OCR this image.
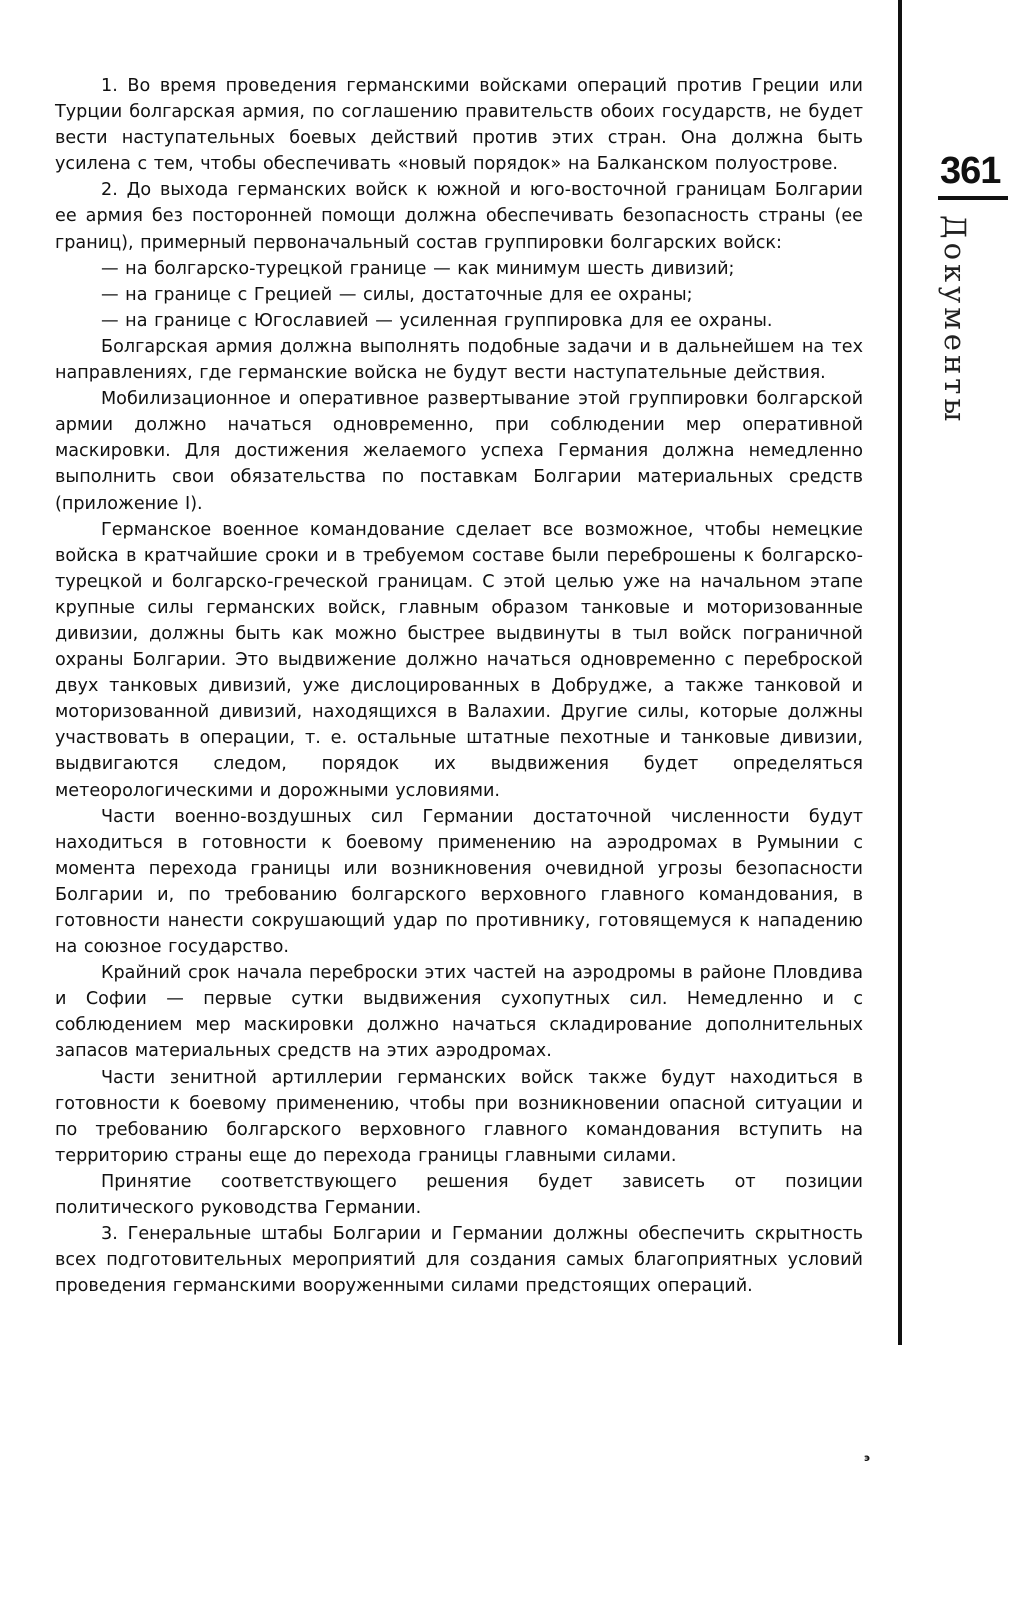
361
Документы

1. Во время проведения германскими войсками операций против Греции или Турции болгарская армия, по соглашению правительств обоих государств, не будет вести наступательных боевых действий против этих стран. Она должна быть усилена с тем, чтобы обеспечивать «новый порядок» на Балканском полуострове.

2. До выхода германских войск к южной и юго-восточной границам Болгарии ее армия без посторонней помощи должна обеспечивать безопасность страны (ее границ), примерный первоначальный состав группировки болгарских войск:

— на болгарско-турецкой границе — как минимум шесть дивизий;

— на границе с Грецией — силы, достаточные для ее охраны;

— на границе с Югославией — усиленная группировка для ее охраны.

Болгарская армия должна выполнять подобные задачи и в дальнейшем на тех направлениях, где германские войска не будут вести наступательные действия.

Мобилизационное и оперативное развертывание этой группировки болгарской армии должно начаться одновременно, при соблюдении мер оперативной маскировки. Для достижения желаемого успеха Германия должна немедленно выполнить свои обязательства по поставкам Болгарии материальных средств (приложение I).

Германское военное командование сделает все возможное, чтобы немецкие войска в кратчайшие сроки и в требуемом составе были переброшены к болгарско-турецкой и болгарско-греческой границам. С этой целью уже на начальном этапе крупные силы германских войск, главным образом танковые и моторизованные дивизии, должны быть как можно быстрее выдвинуты в тыл войск пограничной охраны Болгарии. Это выдвижение должно начаться одновременно с переброской двух танковых дивизий, уже дислоцированных в Добрудже, а также танковой и моторизованной дивизий, находящихся в Валахии. Другие силы, которые должны участвовать в операции, т. е. остальные штатные пехотные и танковые дивизии, выдвигаются следом, порядок их выдвижения будет определяться метеорологическими и дорожными условиями.

Части военно-воздушных сил Германии достаточной численности будут находиться в готовности к боевому применению на аэродромах в Румынии с момента перехода границы или возникновения очевидной угрозы безопасности Болгарии и, по требованию болгарского верховного главного командования, в готовности нанести сокрушающий удар по противнику, готовящемуся к нападению на союзное государство.

Крайний срок начала переброски этих частей на аэродромы в районе Пловдива и Софии — первые сутки выдвижения сухопутных сил. Немедленно и с соблюдением мер маскировки должно начаться складирование дополнительных запасов материальных средств на этих аэродромах.

Части зенитной артиллерии германских войск также будут находиться в готовности к боевому применению, чтобы при возникновении опасной ситуации и по требованию болгарского верховного главного командования вступить на территорию страны еще до перехода границы главными силами.

Принятие соответствующего решения будет зависеть от позиции политического руководства Германии.

3. Генеральные штабы Болгарии и Германии должны обеспечить скрытность всех подготовительных мероприятий для создания самых благоприятных условий проведения германскими вооруженными силами предстоящих операций.

э
